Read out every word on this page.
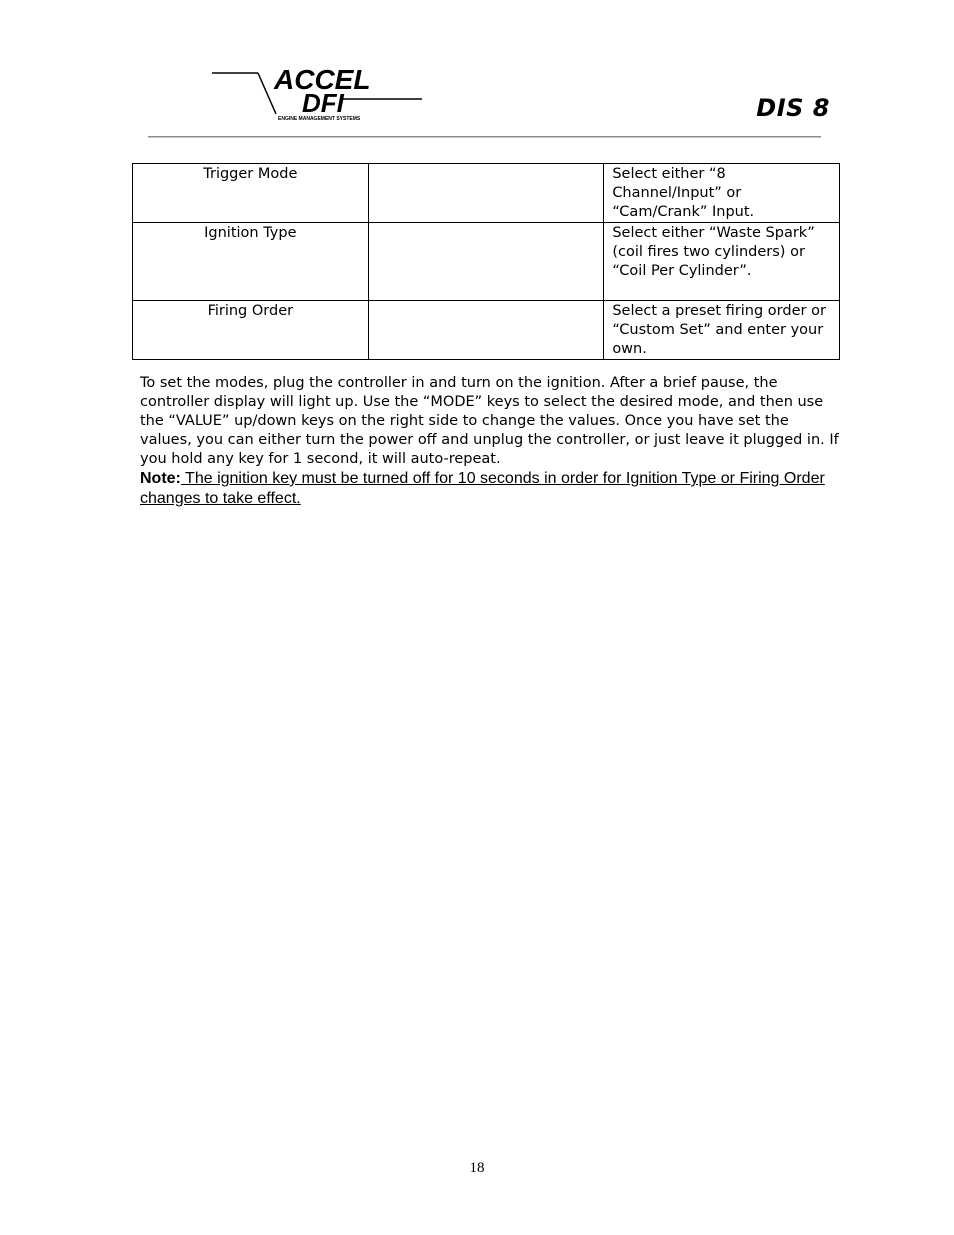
ACCEL
DFI
ENGINE MANAGEMENT SYSTEMS	DIS 8
Trigger Mode		Select either “8 Channel/Input” or “Cam/Crank” Input.
Ignition Type		Select either “Waste Spark” (coil fires two cylinders) or “Coil Per Cylinder”.
Firing Order		Select a preset firing order or “Custom Set” and enter your own.

To set the modes, plug the controller in and turn on the ignition. After a brief pause, the controller display will light up. Use the “MODE” keys to select the desired mode, and then use the “VALUE” up/down keys on the right side to change the values. Once you have set the values, you can either turn the power off and unplug the controller, or just leave it plugged in. If you hold any key for 1 second, it will auto-repeat.

Note: The ignition key must be turned off for 10 seconds in order for Ignition Type or Firing Order changes to take effect.

18
